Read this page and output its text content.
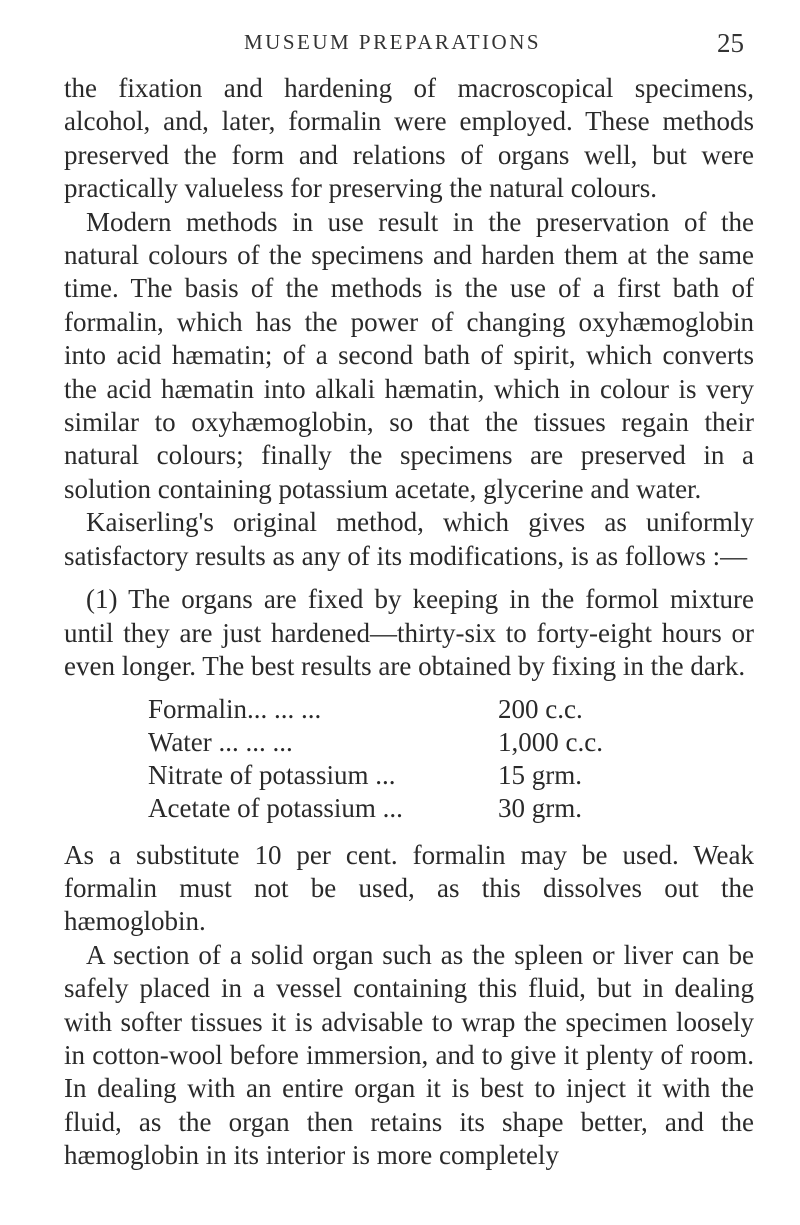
MUSEUM PREPARATIONS	25

the fixation and hardening of macroscopical specimens, alcohol, and, later, formalin were employed. These methods preserved the form and relations of organs well, but were practically valueless for preserving the natural colours.

Modern methods in use result in the preservation of the natural colours of the specimens and harden them at the same time. The basis of the methods is the use of a first bath of formalin, which has the power of changing oxyhæmoglobin into acid hæmatin; of a second bath of spirit, which converts the acid hæmatin into alkali hæmatin, which in colour is very similar to oxyhæmoglobin, so that the tissues regain their natural colours; finally the specimens are preserved in a solution containing potassium acetate, glycerine and water.

Kaiserling's original method, which gives as uniformly satisfactory results as any of its modifications, is as follows :—

(1) The organs are fixed by keeping in the formol mixture until they are just hardened—thirty-six to forty-eight hours or even longer. The best results are obtained by fixing in the dark.

Formalin... ... ...	200 c.c.
Water ... ... ...	1,000 c.c.
Nitrate of potassium ...	15 grm.
Acetate of potassium ...	30 grm.

As a substitute 10 per cent. formalin may be used. Weak formalin must not be used, as this dissolves out the hæmoglobin.

A section of a solid organ such as the spleen or liver can be safely placed in a vessel containing this fluid, but in dealing with softer tissues it is advisable to wrap the specimen loosely in cotton-wool before immersion, and to give it plenty of room. In dealing with an entire organ it is best to inject it with the fluid, as the organ then retains its shape better, and the hæmoglobin in its interior is more completely
